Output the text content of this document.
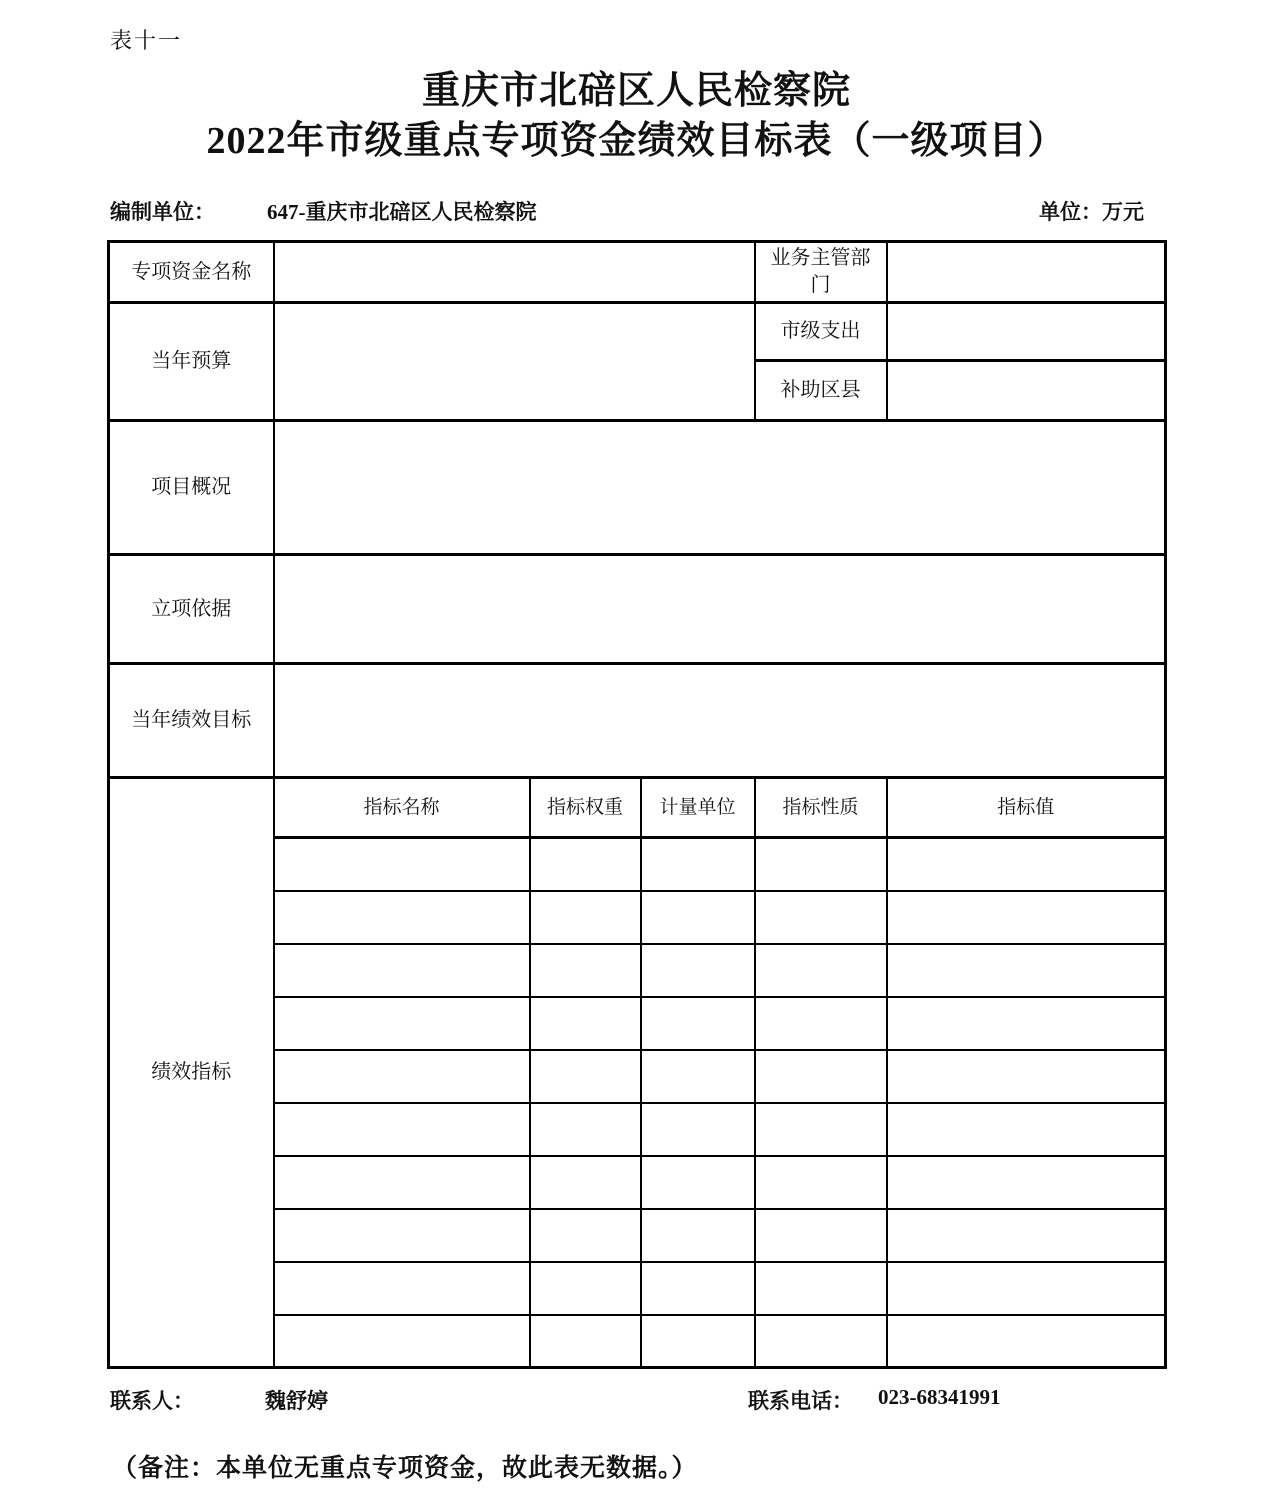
表十一
重庆市北碚区人民检察院
2022年市级重点专项资金绩效目标表（一级项目）
编制单位： 647-重庆市北碚区人民检察院	单位：万元
专项资金名称				业务主管部门	
当年预算				市级支出	
				补助区县	
项目概况					
立项依据					
当年绩效目标					
绩效指标	指标名称	指标权重	计量单位	指标性质	指标值

联系人：	魏舒婷	联系电话： 023-68341991
（备注：本单位无重点专项资金，故此表无数据。）
